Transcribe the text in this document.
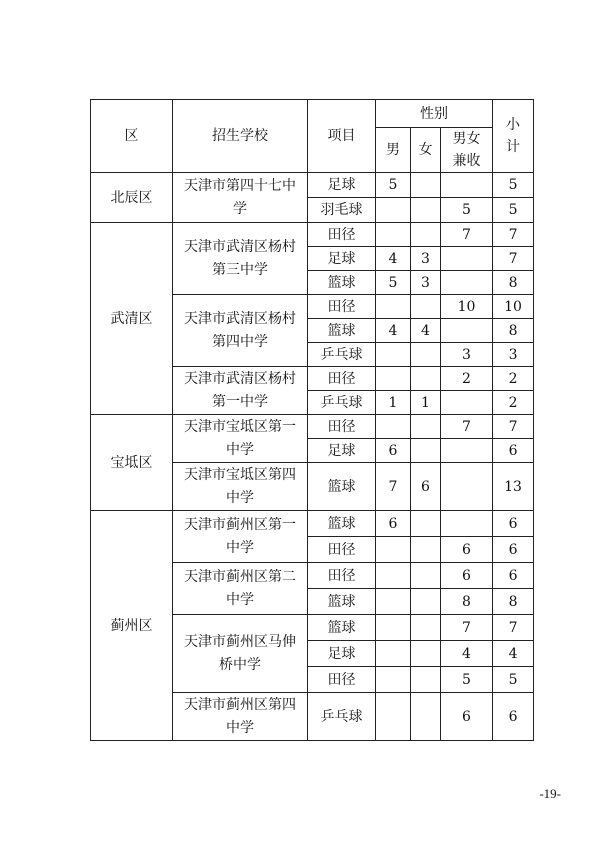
区	招生学校	项目	性别			小计
			男	女	男女兼收	
北辰区	天津市第四十七中学	足球	5			5
		羽毛球			5	5
武清区	天津市武清区杨村第三中学	田径			7	7
		足球	4	3		7
		篮球	5	3		8
	天津市武清区杨村第四中学	田径			10	10
		篮球	4	4		8
		乒乓球			3	3
	天津市武清区杨村第一中学	田径			2	2
		乒乓球	1	1		2
宝坻区	天津市宝坻区第一中学	田径			7	7
		足球	6			6
	天津市宝坻区第四中学	篮球	7	6		13
蓟州区	天津市蓟州区第一中学	篮球	6			6
		田径			6	6
	天津市蓟州区第二中学	田径			6	6
		篮球			8	8
	天津市蓟州区马伸桥中学	篮球			7	7
		足球			4	4
		田径			5	5
	天津市蓟州区第四中学	乒乓球			6	6
-19-
